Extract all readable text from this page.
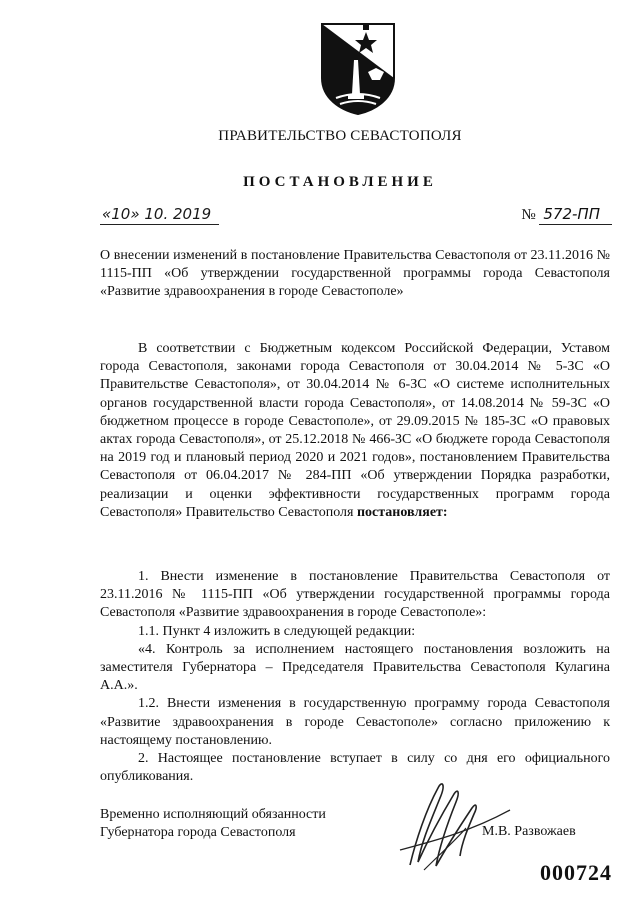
ПРАВИТЕЛЬСТВО СЕВАСТОПОЛЯ
ПОСТАНОВЛЕНИЕ
«10» 10. 2019	№ 572-ПП

О внесении изменений в постановление Правительства Севастополя от 23.11.2016 № 1115-ПП «Об утверждении государственной программы города Севастополя «Развитие здравоохранения в городе Севастополе»

В соответствии с Бюджетным кодексом Российской Федерации, Уставом города Севастополя, законами города Севастополя от 30.04.2014 № 5-ЗС «О Правительстве Севастополя», от 30.04.2014 № 6-ЗС «О системе исполнительных органов государственной власти города Севастополя», от 14.08.2014 № 59-ЗС «О бюджетном процессе в городе Севастополе», от 29.09.2015 № 185-ЗС «О правовых актах города Севастополя», от 25.12.2018 № 466-ЗС «О бюджете города Севастополя на 2019 год и плановый период 2020 и 2021 годов», постановлением Правительства Севастополя от 06.04.2017 № 284-ПП «Об утверждении Порядка разработки, реализации и оценки эффективности государственных программ города Севастополя» Правительство Севастополя постановляет:

1. Внести изменение в постановление Правительства Севастополя от 23.11.2016 № 1115-ПП «Об утверждении государственной программы города Севастополя «Развитие здравоохранения в городе Севастополе»:

1.1. Пункт 4 изложить в следующей редакции:

«4. Контроль за исполнением настоящего постановления возложить на заместителя Губернатора – Председателя Правительства Севастополя Кулагина А.А.».

1.2. Внести изменения в государственную программу города Севастополя «Развитие здравоохранения в городе Севастополе» согласно приложению к настоящему постановлению.

2. Настоящее постановление вступает в силу со дня его официального опубликования.

Временно исполняющий обязанности
Губернатора города Севастополя	М.В. Развожаев
000724
